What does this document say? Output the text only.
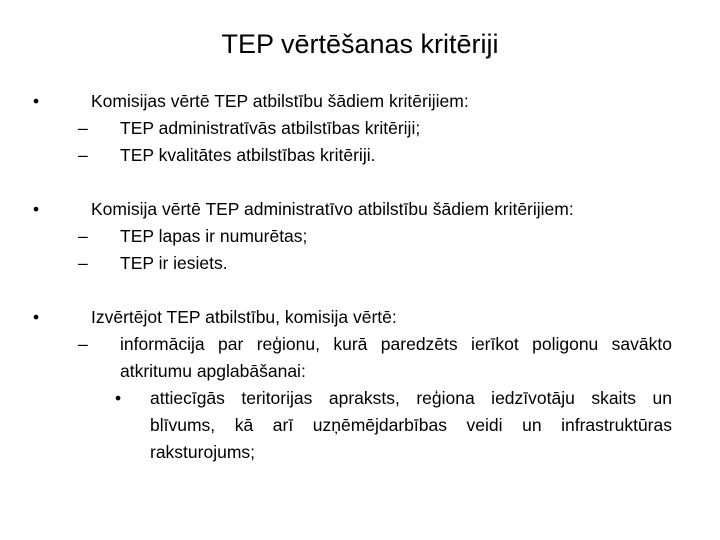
TEP vērtēšanas kritēriji
•	Komisijas vērtē TEP atbilstību šādiem kritērijiem:
– TEP administratīvās atbilstības kritēriji;
– TEP kvalitātes atbilstības kritēriji.
•	Komisija vērtē TEP administratīvo atbilstību šādiem kritērijiem:
– TEP lapas ir numurētas;
– TEP ir iesiets.
•	Izvērtējot TEP atbilstību, komisija vērtē:
– informācija par reģionu, kurā paredzēts ierīkot poligonu savākto atkritumu apglabāšanai:
• attiecīgās teritorijas apraksts, reģiona iedzīvotāju skaits un blīvums, kā arī uzņēmējdarbības veidi un infrastruktūras raksturojums;
